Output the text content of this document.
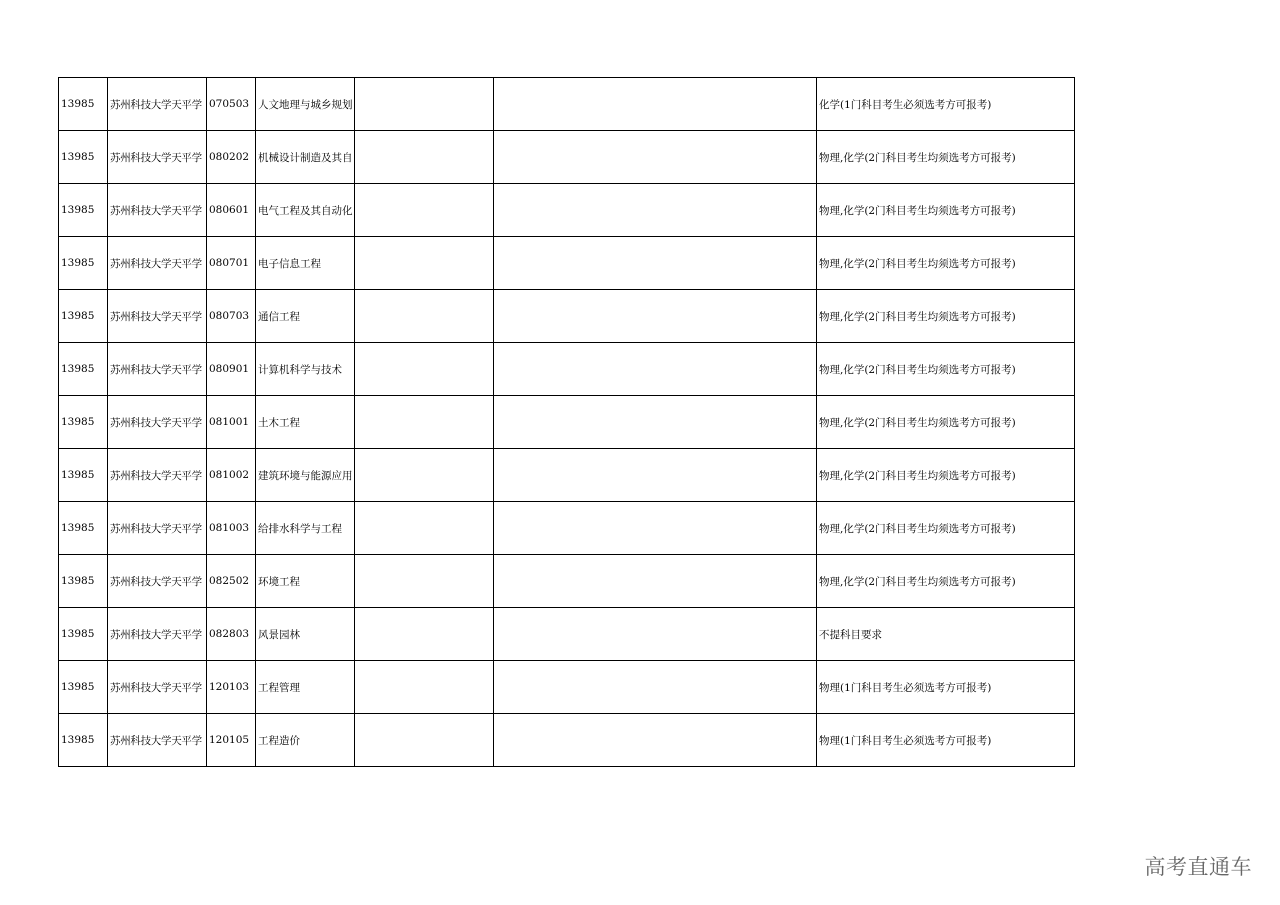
13985	苏州科技大学天平学	070503	人文地理与城乡规划			化学(1门科目考生必须选考方可报考)
13985	苏州科技大学天平学	080202	机械设计制造及其自			物理,化学(2门科目考生均须选考方可报考)
13985	苏州科技大学天平学	080601	电气工程及其自动化			物理,化学(2门科目考生均须选考方可报考)
13985	苏州科技大学天平学	080701	电子信息工程			物理,化学(2门科目考生均须选考方可报考)
13985	苏州科技大学天平学	080703	通信工程			物理,化学(2门科目考生均须选考方可报考)
13985	苏州科技大学天平学	080901	计算机科学与技术			物理,化学(2门科目考生均须选考方可报考)
13985	苏州科技大学天平学	081001	土木工程			物理,化学(2门科目考生均须选考方可报考)
13985	苏州科技大学天平学	081002	建筑环境与能源应用			物理,化学(2门科目考生均须选考方可报考)
13985	苏州科技大学天平学	081003	给排水科学与工程			物理,化学(2门科目考生均须选考方可报考)
13985	苏州科技大学天平学	082502	环境工程			物理,化学(2门科目考生均须选考方可报考)
13985	苏州科技大学天平学	082803	风景园林			不提科目要求
13985	苏州科技大学天平学	120103	工程管理			物理(1门科目考生必须选考方可报考)
13985	苏州科技大学天平学	120105	工程造价			物理(1门科目考生必须选考方可报考)
高考直通车
